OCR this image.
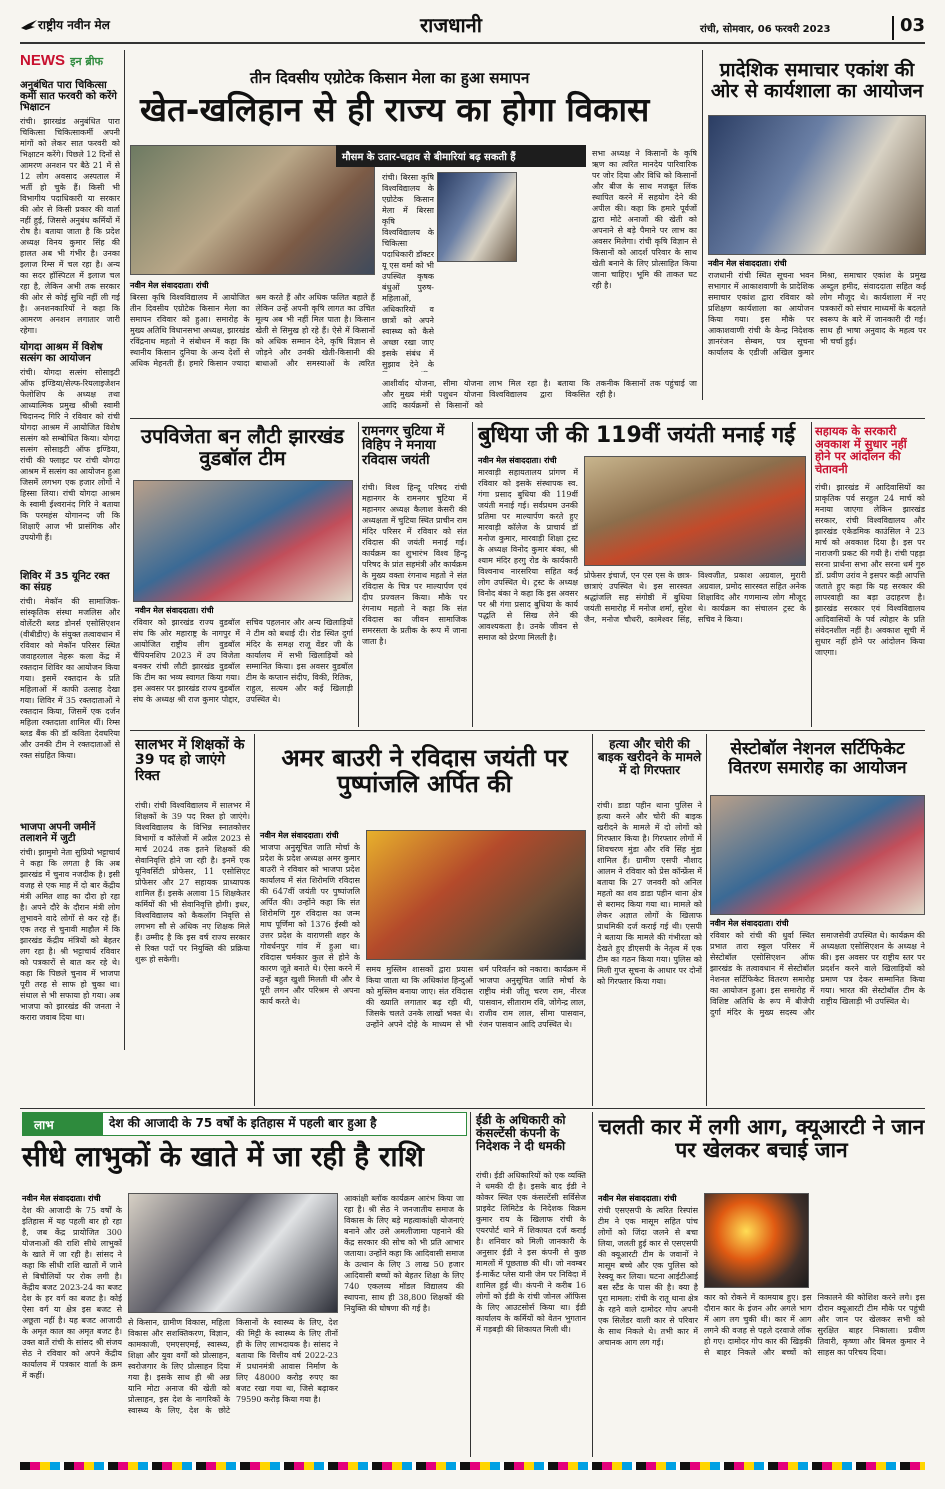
राष्ट्रीय नवीन मेल	राजधानी	रांची, सोमवार, 06 फरवरी 2023	03
NEWS इन ब्रीफ
अनुबंधित पारा चिकित्सा कर्मी सात फरवरी को करेंगे भिक्षाटन
रांची। झारखंड अनुबंधित पारा चिकित्सा चिकित्साकर्मी अपनी मांगों को लेकर सात फरवरी को भिक्षाटन करेंगे। पिछले 12 दिनों से आमरण अनशन पर बैठे 21 में से 12 लोग अवसाद अस्पताल में भर्ती हो चुके हैं। किसी भी विभागीय पदाधिकारी या सरकार की ओर से किसी प्रकार की वार्ता नहीं हुई, जिससे अनुबंध कर्मियों में रोष है। बताया जाता है कि प्रदेश अध्यक्ष विनय कुमार सिंह की हालत अब भी गंभीर है। उनका इलाज रिम्स में चल रहा है। अन्य का सदर हॉस्पिटल में इलाज चल रहा है, लेकिन अभी तक सरकार की ओर से कोई सुधि नहीं ली गई है। अनशनकारियों ने कहा कि आमरण अनशन लगातार जारी रहेगा।
योगदा आश्रम में विशेष सत्संग का आयोजन
रांची। योगदा सत्संग सोसाइटी ऑफ इण्डिया/सेल्फ-रियलाइजेशन फेलोशिप के अध्यक्ष तथा आध्यात्मिक प्रमुख श्रीश्री स्वामी चिदानन्द गिरि ने रविवार को रांची योगदा आश्रम में आयोजित विशेष सत्संग को सम्बोधित किया। योगदा सत्संग सोसाइटी ऑफ इण्डिया, रांची की फ्लाइट पर रांची योगदा आश्रम में सत्संग का आयोजन हुआ जिसमें लगभग एक हजार लोगों ने हिस्सा लिया। रांची योगदा आश्रम के स्वामी ईश्वरानंद गिरि ने बताया कि परमहंस योगानन्द जी कि शिक्षाएँ आज भी प्रासंगिक और उपयोगी हैं।
शिविर में 35 यूनिट रक्त का संग्रह
रांची। मेकॉन की सामाजिक-सांस्कृतिक संस्था मजलिस और वोलेंटरी ब्लड डोनर्स एसोसिएशन (वीबीडीए) के संयुक्त तत्वावधान में रविवार को मेकॉन परिसर स्थित जवाहरलाल नेहरू कला केंद्र में रक्तदान शिविर का आयोजन किया गया। इसमें रक्तदान के प्रति महिलाओं में काफी उत्साह देखा गया। शिविर में 35 रक्तदाताओं ने रक्तदान किया, जिसमें एक दर्जन महिला रक्तदाता शामिल थीं। रिम्स ब्लड बैंक की डॉ कविता देवघरिया और उनकी टीम ने रक्तदाताओं से रक्त संग्रहित किया।
भाजपा अपनी जमीनें तलाशने में जुटी
रांची। झामुमो नेता सुप्रियो भट्टाचार्य ने कहा कि लगता है कि अब झारखंड में चुनाव नजदीक है। इसी वजह से एक माह में दो बार केंद्रीय मंत्री अमित शाह का दौरा हो रहा है। अपने दौरे के दौरान मंत्री लोग लुभावने वादे लोगों से कर रहे हैं। एक तरह से चुनावी माहौल में कि झारखंड केंद्रीय मंत्रियों को बेहतर लग रहा है। श्री भट्टाचार्य रविवार को पत्रकारों से बात कर रहे थे। कहा कि पिछले चुनाव में भाजपा पूरी तरह से साफ हो चुका था। संथाल से भी सफाया हो गया। अब भाजपा को झारखंड की जनता ने करारा जवाब दिया था।
तीन दिवसीय एग्रोटेक किसान मेला का हुआ समापन
खेत-खलिहान से ही राज्य का होगा विकास
मौसम के उतार-चढ़ाव से बीमारियां बढ़ सकती हैं
रांची। बिरसा कृषि विश्वविद्यालय के एग्रोटेक किसान मेला में बिरसा कृषि विश्वविद्यालय के चिकित्सा पदाधिकारी डॉक्टर यू एस वर्मा को भी उपस्थित कृषक बंधुओं पुरुष-महिलाओं, अधिकारियों व छात्रों को अपने स्वास्थ्य को कैसे अच्छा रखा जाए इसके संबंध में सुझाव देने के
सभा अध्यक्ष ने किसानों के कृषि ऋण का त्वरित मानदेय पारिवारिक पर जोर दिया और विधि को किसानों और बीज के साथ मजबूत लिंक स्थापित करने में सहयोग देने की अपील की। कहा कि हमारे पूर्वजों द्वारा मोटे अनाजों की खेती को अपनाने से बड़े पैमाने पर लाभ का अवसर मिलेगा। रांची कृषि विज्ञान से किसानों को आदर्श परिवार के साथ खेती बनाने के लिए प्रोत्साहित किया जाना चाहिए। भूमि की ताकत घट रही है।
नवीन मेल संवाददाता। रांची
बिरसा कृषि विश्वविद्यालय में आयोजित तीन दिवसीय एग्रोटेक किसान मेला का समापन रविवार को हुआ। समारोह के मुख्य अतिथि विधानसभा अध्यक्ष, झारखंड रविंद्रनाथ महतो ने संबोधन में कहा कि स्थानीय किसान दुनिया के अन्य देशों से अधिक मेहनती हैं। हमारे किसान ज्यादा श्रम करते हैं और अधिक फलित बहाते हैं लेकिन उन्हें अपनी कृषि लागत का उचित मूल्य अब भी नहीं मिल पाता है। किसान खेती से सिमुख हो रहे हैं। ऐसे में किसानों को अधिक सम्मान देने, कृषि विज्ञान से जोड़ने और उनकी खेती-किसानी की बाधाओं और समस्याओं के त्वरित
आशीर्वाद योजना, सीमा योजना और मुख्य मंत्री पशुधन योजना आदि कार्यक्रमों से किसानों को लाभ मिल रहा है। बताया कि विश्वविद्यालय द्वारा विकसित तकनीक किसानों तक पहुंचाई जा रही है।
प्रादेशिक समाचार एकांश की ओर से कार्यशाला का आयोजन
नवीन मेल संवाददाता। रांची
राजधानी रांची स्थित सूचना भवन सभागार में आकाशवाणी के प्रादेशिक समाचार एकांश द्वारा रविवार को प्रशिक्षण कार्यशाला का आयोजन किया गया। इस मौके पर आकाशवाणी रांची के केन्द्र निदेशक ज्ञानरंजन सेम्बम, पत्र सूचना कार्यालय के एडीजी अखिल कुमार मिश्रा, समाचार एकांश के प्रमुख अब्दुल हमीद, संवाददाता सहित कई लोग मौजूद थे। कार्यशाला में नए पत्रकारों को संचार माध्यमों के बदलते स्वरूप के बारे में जानकारी दी गई। साथ ही भाषा अनुवाद के महत्व पर भी चर्चा हुई।
उपविजेता बन लौटी झारखंड वुडबॉल टीम
नवीन मेल संवाददाता। रांची
रविवार को झारखंड राज्य वुडबॉल संघ कि ओर महाराष्ट्र के नागपुर में आयोजित राष्ट्रीय लीग वुडबॉल चैंपियनशिप 2023 में उप विजेता बनकर रांची लौटी झारखंड वुडबॉल कि टीम का भव्य स्वागत किया गया। इस अवसर पर झारखंड राज्य वुडबॉल संघ के अध्यक्ष श्री राज कुमार पोद्दार, सचिव पहलनार और अन्य खिलाड़ियों ने टीम को बधाई दी। रोड स्थित दुर्गा मंदिर के समक्ष राजू वेंडर जी के कार्यालय में सभी खिलाड़ियों को सम्मानित किया। इस अवसर वुडबॉल टीम के कप्तान संदीप, विकी, रितिक, राहुल, सत्यम और कई खिलाड़ी उपस्थित थे।
रामनगर चुटिया में विहिप ने मनाया रविदास जयंती
रांची। विश्व हिन्दू परिषद रांची महानगर के रामनगर चुटिया में महानगर अध्यक्ष कैलाश केसरी की अध्यक्षता में चुटिया स्थित प्राचीन राम मंदिर परिसर में रविवार को संत रविदास की जयंती मनाई गई। कार्यक्रम का शुभारंभ विश्व हिन्दू परिषद के प्रांत सहमंत्री और कार्यक्रम के मुख्य वक्ता रंगनाथ महतो ने संत रविदास के चित्र पर माल्यार्पण एवं दीप प्रज्वलन किया। मौके पर रंगनाथ महतो ने कहा कि संत रविदास का जीवन सामाजिक समरसता के प्रतीक के रूप में जाना जाता है।
बुधिया जी की 119वीं जयंती मनाई गई
नवीन मेल संवाददाता। रांची
मारवाड़ी सहायतालय प्रांगण में रविवार को इसके संस्थापक स्व. गंगा प्रसाद बुधिया की 119वीं जयंती मनाई गई। सर्वप्रथम उनकी प्रतिमा पर माल्यार्पण करते हुए मारवाड़ी कॉलेज के प्राचार्य डॉ मनोज कुमार, मारवाड़ी शिक्षा ट्रस्ट के अध्यक्ष विनोद कुमार बंका, श्री श्याम मंदिर हरगु रोड के कार्यकारी विश्वनाथ नारसरिया सहित कई लोग उपस्थित थे। ट्रस्ट के अध्यक्ष विनोद बंका ने कहा कि इस अवसर पर श्री गंगा प्रसाद बुधिया के कार्य पद्धति से सिख लेने की आवश्यकता है। उनके जीवन से समाज को प्रेरणा मिलती है।
प्रोफेसर इंचार्ज, एन एस एस के छात्र-छात्राएं उपस्थित थे। इस सारस्वत श्रद्धांजलि सह संगोष्ठी में बुधिया जयंती समारोह में मनोज शर्मा, सुरेश जैन, मनोज चौधरी, कामेश्वर सिंह, विश्वजीत, प्रकाश अग्रवाल, मुरारी अग्रवाल, प्रमोद सारस्वत सहित अनेक शिक्षाविद और गणमान्य लोग मौजूद थे। कार्यक्रम का संचालन ट्रस्ट के सचिव ने किया।
सहायक के सरकारी अवकाश में सुधार नहीं होने पर आंदोलन की चेतावनी
रांची। झारखंड में आदिवासियों का प्राकृतिक पर्व सरहुल 24 मार्च को मनाया जाएगा लेकिन झारखंड सरकार, रांची विश्वविद्यालय और झारखंड एकेडमिक काउंसिल ने 23 मार्च को अवकाश दिया है। इस पर नाराजगी प्रकट की गयी है। रांची पहड़ा सरना प्रार्थना सभा और सरना धर्म गुरु डॉ. प्रवीण उरांव ने इसपर कड़ी आपत्ति जताते हुए कहा कि यह सरकार की लापरवाही का बड़ा उदाहरण है। झारखंड सरकार एवं विश्वविद्यालय आदिवासियों के पर्व त्योहार के प्रति संवेदनशील नहीं है। अवकाश सूची में सुधार नहीं होने पर आंदोलन किया जाएगा।
सालभर में शिक्षकों के 39 पद हो जाएंगे रिक्त
रांची। रांची विश्वविद्यालय में सालभर में शिक्षकों के 39 पद रिक्त हो जाएंगे। विश्वविद्यालय के विभिन्न स्नातकोत्तर विभागों व कॉलेजों में अप्रैल 2023 से मार्च 2024 तक इतने शिक्षकों की सेवानिवृत्ति होने जा रही है। इनमें एक यूनिवर्सिटी प्रोफेसर, 11 एसोसिएट प्रोफेसर और 27 सहायक प्राध्यापक शामिल हैं। इसके अलावा 15 शिक्षकेतर कर्मियों की भी सेवानिवृत्ति होगी। इधर, विश्वविद्यालय को कैकलॉग निवृत्ति से लगभग सौ से अधिक नए शिक्षक मिले हैं। उम्मीद है कि इस वर्ष राज्य सरकार से रिक्त पदों पर नियुक्ति की प्रक्रिया शुरू हो सकेगी।
अमर बाउरी ने रविदास जयंती पर पुष्पांजलि अर्पित की
नवीन मेल संवाददाता। रांची
भाजपा अनुसूचित जाति मोर्चा के प्रदेश के प्रदेश अध्यक्ष अमर कुमार बाउरी ने रविवार को भाजपा प्रदेश कार्यालय में संत शिरोमणि रविदास की 647वीं जयंती पर पुष्पांजलि अर्पित की। उन्होंने कहा कि संत शिरोमणि गुरु रविदास का जन्म माघ पूर्णिमा को 1376 ईस्वी को उत्तर प्रदेश के वाराणसी शहर के गोवर्धनपुर गांव में हुआ था। रविदास चर्मकार कुल से होने के कारण जूते बनाते थे। ऐसा करने में उन्हें बहुत खुशी मिलती थी और वे पूरी लगन और परिश्रम से अपना कार्य करते थे।
समय मुस्लिम शासकों द्वारा प्रयास किया जाता था कि अधिकांश हिन्दुओं को मुस्लिम बनाया जाए। संत रविदास की ख्याति लगातार बढ़ रही थी, जिसके चलते उनके लाखों भक्त थे। उन्होंने अपने दोहे के माध्यम से भी धर्म परिवर्तन को नकारा। कार्यक्रम में भाजपा अनुसूचित जाति मोर्चा के राष्ट्रीय मंत्री जीतू चरण राम, नीरज पासवान, सीताराम रवि, जोगेन्द्र लाल, राजीव राम लाल, सीमा पासवान, रंजन पासवान आदि उपस्थित थे।
हत्या और चोरी की बाइक खरीदने के मामले में दो गिरफ्तार
रांची। डाडा पहीन थाना पुलिस ने हत्या करने और चोरी की बाइक खरीदने के मामले में दो लोगों को गिरफ्तार किया है। गिरफ्तार लोगों में शिवचरण मुंडा और रवि सिंह मुंडा शामिल हैं। ग्रामीण एसपी नौशाद आलम ने रविवार को प्रेस कॉन्फ्रेंस में बताया कि 27 जनवरी को अनिल महतो का शव डाडा पहीन थाना क्षेत्र से बरामद किया गया था। मामले को लेकर अज्ञात लोगों के खिलाफ प्राथमिकी दर्ज कराई गई थी। एसपी ने बताया कि मामले की गंभीरता को देखते हुए डीएसपी के नेतृत्व में एक टीम का गठन किया गया। पुलिस को मिली गुप्त सूचना के आधार पर दोनों को गिरफ्तार किया गया।
सेस्टोबॉल नेशनल सर्टिफिकेट वितरण समारोह का आयोजन
नवीन मेल संवाददाता। रांची
रविवार को रांची की धुर्वा स्थित प्रभात तारा स्कूल परिसर में सेस्टोबॉल एसोसिएशन ऑफ झारखंड के तत्वावधान में सेस्टोबॉल नेशनल सर्टिफिकेट वितरण समारोह का आयोजन हुआ। इस समारोह में विशिष्ट अतिथि के रूप में बीजेपी दुर्गा मंदिर के मुख्य सदस्य और समाजसेवी उपस्थित थे। कार्यक्रम की अध्यक्षता एसोसिएशन के अध्यक्ष ने की। इस अवसर पर राष्ट्रीय स्तर पर प्रदर्शन करने वाले खिलाड़ियों को प्रमाण पत्र देकर सम्मानित किया गया। भारत की सेस्टोबॉल टीम के राष्ट्रीय खिलाड़ी भी उपस्थित थे।
लाभ	देश की आजादी के 75 वर्षों के इतिहास में पहली बार हुआ है
सीधे लाभुकों के खाते में जा रही है राशि
नवीन मेल संवाददाता। रांची
देश की आजादी के 75 वर्षों के इतिहास में यह पहली बार हो रहा है, जब केंद्र प्रायोजित 300 योजनाओं की राशि सीधे लाभुकों के खाते में जा रही है। सांसद ने कहा कि सीधी राशि खातों में जाने से बिचौलियों पर रोक लगी है। केंद्रीय बजट 2023-24 का बजट देश के हर वर्ग का बजट है। कोई ऐसा वर्ग या क्षेत्र इस बजट से अछूता नहीं है। यह बजट आजादी के अमृत काल का अमृत बजट है। उक्त बातें रांची के सांसद श्री संजय सेठ ने रविवार को अपने केंद्रीय कार्यालय में पत्रकार वार्ता के क्रम में कहीं।
से किसान, ग्रामीण विकास, महिला विकास और सशक्तिकरण, विज्ञान, कामकाजी, एमएसएमई, स्वास्थ्य, शिक्षा और युवा वर्गों को प्रोत्साहन, स्वरोजगार के लिए प्रोत्साहन दिया गया है। इसके साथ ही श्री अन्न यानि मोटा अनाज की खेती को प्रोत्साहन, इस देश के नागरिकों के स्वास्थ्य के लिए, देश के छोटे किसानों के स्वास्थ्य के लिए, देश की मिट्टी के स्वास्थ्य के लिए तीनों ही के लिए लाभदायक है। सांसद ने बताया कि वित्तीय वर्ष 2022-23 में प्रधानमंत्री आवास निर्माण के लिए 48000 करोड़ रुपए का बजट रखा गया था, जिसे बढ़ाकर 79590 करोड़ किया गया है।
आकांक्षी ब्लॉक कार्यक्रम आरंभ किया जा रहा है। श्री सेठ ने जनजातीय समाज के विकास के लिए बड़े महत्वाकांक्षी योजनाएं बनाने और उसे अमलीजामा पहनाने की केंद्र सरकार की सोच को भी प्रति आभार जताया। उन्होंने कहा कि आदिवासी समाज के उत्थान के लिए 3 लाख 50 हजार आदिवासी बच्चों को बेहतर शिक्षा के लिए 740 एकलव्य मॉडल विद्यालय की स्थापना, साथ ही 38,800 शिक्षकों की नियुक्ति की घोषणा की गई है।
ईडी के अधिकारी को कंसल्टेंसी कंपनी के निदेशक ने दी धमकी
रांची। ईडी अधिकारियों को एक व्यक्ति ने धमकी दी है। इसके बाद ईडी ने कोकर स्थित एक कंसल्टेंसी सर्विसेज प्राइवेट लिमिटेड के निदेशक विक्रम कुमार राय के खिलाफ रांची के एयरपोर्ट थाने में शिकायत दर्ज कराई है। शनिवार को मिली जानकारी के अनुसार ईडी ने इस कंपनी से कुछ मामलों में पूछताछ की थी। जो नवम्बर ई-मार्केट प्लेस यानी जेम पर निविदा में शामिल हुई थी। कंपनी ने करीब 16 लोगों को ईडी के रांची जोनल ऑफिस के लिए आउटसोर्स किया था। ईडी कार्यालय के कर्मियों को वेतन भुगतान में गड़बड़ी की शिकायत मिली थी।
चलती कार में लगी आग, क्यूआरटी ने जान पर खेलकर बचाई जान
नवीन मेल संवाददाता। रांची
रांची एसएसपी के त्वरित रिस्पांस टीम ने एक मासूम सहित पांच लोगों को जिंदा जलने से बचा लिया, जलती हुई कार से एसएसपी की क्यूआरटी टीम के जवानों ने मासूम बच्चे और एक पुलिस को रेस्क्यू कर लिया। घटना आईटीआई बस स्टैंड के पास की है। क्या है पूरा मामला: रांची के रातू थाना क्षेत्र के रहने वाले दामोदर गोप अपनी एक सिलेंडर वाली कार से परिवार के साथ निकले थे। तभी कार में अचानक आग लग गई।
कार को रोकने में कामयाब हुए। इस दौरान कार के इंजन और अगले भाग में आग लग चुकी थी। कार में आग लगने की वजह से पहले दरवाजे लॉक हो गए। दामोदर गोप कार की खिड़की से बाहर निकले और बच्चों को निकालने की कोशिश करने लगे। इस दौरान क्यूआरटी टीम मौके पर पहुंची और जान पर खेलकर सभी को सुरक्षित बाहर निकाला। प्रवीण तिवारी, कृष्णा और बिमल कुमार ने साहस का परिचय दिया।
